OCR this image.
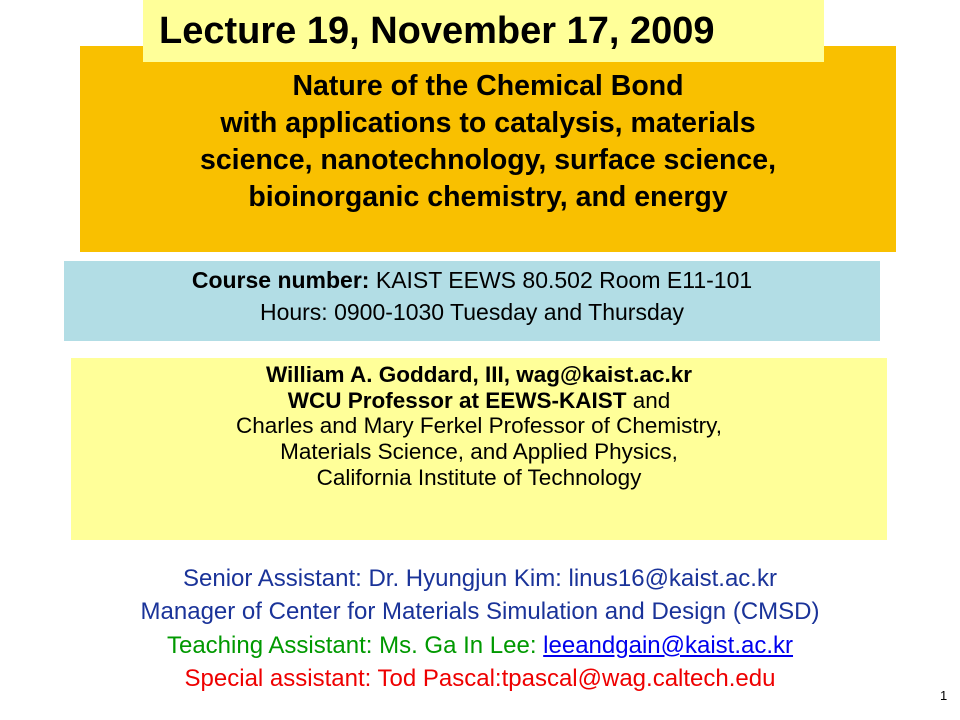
Nature of the Chemical Bond
with applications to catalysis, materials
science, nanotechnology, surface science,
bioinorganic chemistry, and energy
Lecture 19, November 17, 2009
Course number: KAIST EEWS 80.502 Room E11-101
Hours: 0900-1030 Tuesday and Thursday
William A. Goddard, III, wag@kaist.ac.kr
WCU Professor at EEWS-KAIST and
Charles and Mary Ferkel Professor of Chemistry,
Materials Science, and Applied Physics,
California Institute of Technology
Senior Assistant: Dr. Hyungjun Kim: linus16@kaist.ac.kr
Manager of Center for Materials Simulation and Design (CMSD)
Teaching Assistant: Ms. Ga In Lee: leeandgain@kaist.ac.kr
Special assistant: Tod Pascal:tpascal@wag.caltech.edu
1
